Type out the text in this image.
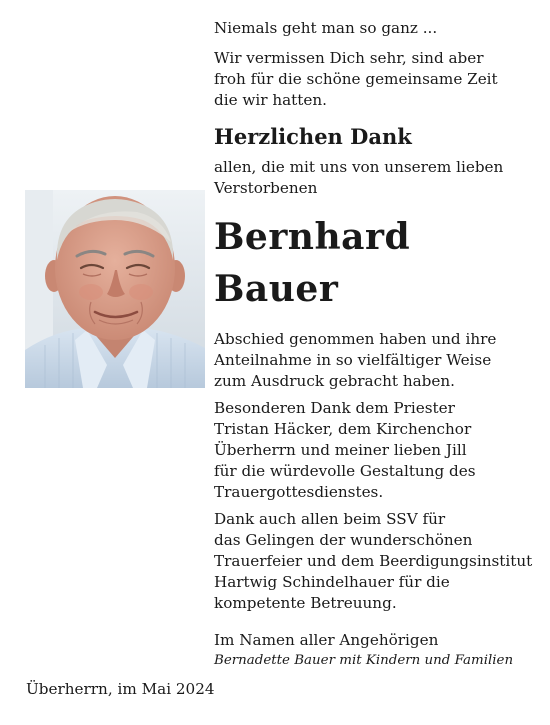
Niemals geht man so ganz ...

Wir vermissen Dich sehr, sind aber
froh für die schöne gemeinsame Zeit
die wir hatten.

Herzlichen Dank

allen, die mit uns von unserem lieben
Verstorbenen

Bernhard
Bauer

Abschied genommen haben und ihre
Anteilnahme in so vielfältiger Weise
zum Ausdruck gebracht haben.

Besonderen Dank dem Priester
Tristan Häcker, dem Kirchenchor
Überherrn und meiner lieben Jill
für die würdevolle Gestaltung des
Trauergottesdienstes.

Dank auch allen beim SSV für
das Gelingen der wunderschönen
Trauerfeier und dem Beerdigungsinstitut
Hartwig Schindelhauer für die
kompetente Betreuung.

Im Namen aller Angehörigen

Bernadette Bauer mit Kindern und Familien

Überherrn, im Mai 2024
